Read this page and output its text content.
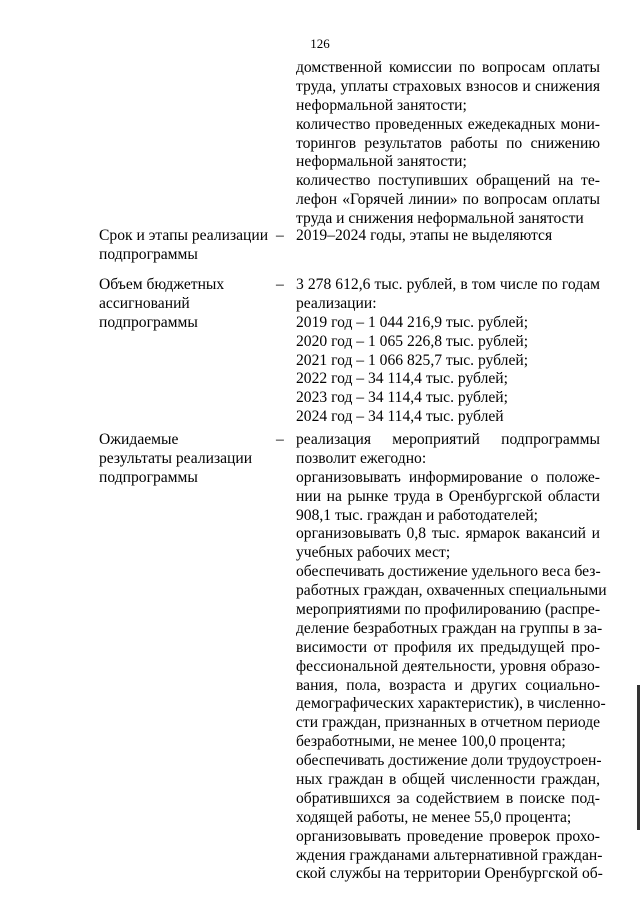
126
домственной комиссии по вопросам оплаты
труда, уплаты страховых взносов и снижения
неформальной занятости;
количество проведенных ежедекадных мони-
торингов результатов работы по снижению
неформальной занятости;
количество поступивших обращений на те-
лефон «Горячей линии» по вопросам оплаты
труда и снижения неформальной занятости
Срок и этапы реализации
подпрограммы
– 2019–2024 годы, этапы не выделяются
Объем бюджетных
ассигнований
подпрограммы
– 3 278 612,6 тыс. рублей, в том числе по годам
реализации:
2019 год – 1 044 216,9 тыс. рублей;
2020 год – 1 065 226,8 тыс. рублей;
2021 год – 1 066 825,7 тыс. рублей;
2022 год – 34 114,4 тыс. рублей;
2023 год – 34 114,4 тыс. рублей;
2024 год – 34 114,4 тыс. рублей
Ожидаемые
результаты реализации
подпрограммы
– реализация мероприятий подпрограммы
позволит ежегодно:
организовывать информирование о положе-
нии на рынке труда в Оренбургской области
908,1 тыс. граждан и работодателей;
организовывать 0,8 тыс. ярмарок вакансий и
учебных рабочих мест;
обеспечивать достижение удельного веса без-
работных граждан, охваченных специальными
мероприятиями по профилированию (распре-
деление безработных граждан на группы в за-
висимости от профиля их предыдущей про-
фессиональной деятельности, уровня образо-
вания, пола, возраста и других социально-
демографических характеристик), в численно-
сти граждан, признанных в отчетном периоде
безработными, не менее 100,0 процента;
обеспечивать достижение доли трудоустроен-
ных граждан в общей численности граждан,
обратившихся за содействием в поиске под-
ходящей работы, не менее 55,0 процента;
организовывать проведение проверок прохо-
ждения гражданами альтернативной граждан-
ской службы на территории Оренбургской об-
